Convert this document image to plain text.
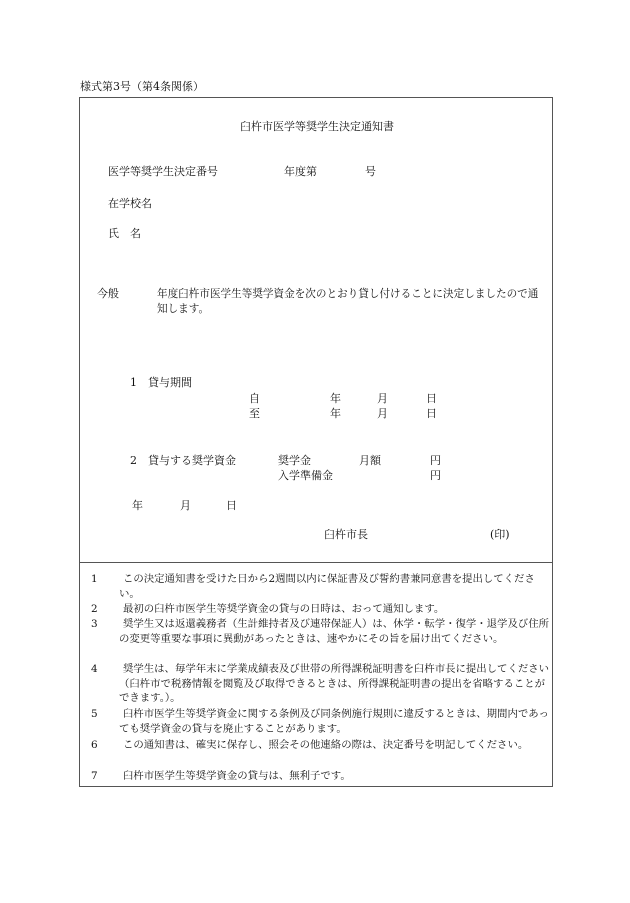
様式第3号（第4条関係）
臼杵市医学等奨学生決定通知書
医学等奨学生決定番号	年度第	号
在学校名
氏　名
今般	年度臼杵市医学生等奨学資金を次のとおり貸し付けることに決定しましたので通知します。
1　貸与期間
自	年	月	日
至	年	月	日
2　貸与する奨学資金	奨学金	月額	円
入学準備金	円
年	月	日
臼杵市長	(印)
1 この決定通知書を受けた日から2週間以内に保証書及び誓約書兼同意書を提出してください。
2 最初の臼杵市医学生等奨学資金の貸与の日時は、おって通知します。
3 奨学生又は返還義務者（生計維持者及び連帯保証人）は、休学・転学・復学・退学及び住所の変更等重要な事項に異動があったときは、速やかにその旨を届け出てください。
4 奨学生は、毎学年末に学業成績表及び世帯の所得課税証明書を臼杵市長に提出してください（臼杵市で税務情報を閲覧及び取得できるときは、所得課税証明書の提出を省略することができます。）。
5 臼杵市医学生等奨学資金に関する条例及び同条例施行規則に違反するときは、期間内であっても奨学資金の貸与を廃止することがあります。
6 この通知書は、確実に保存し、照会その他連絡の際は、決定番号を明記してください。
7 臼杵市医学生等奨学資金の貸与は、無利子です。
